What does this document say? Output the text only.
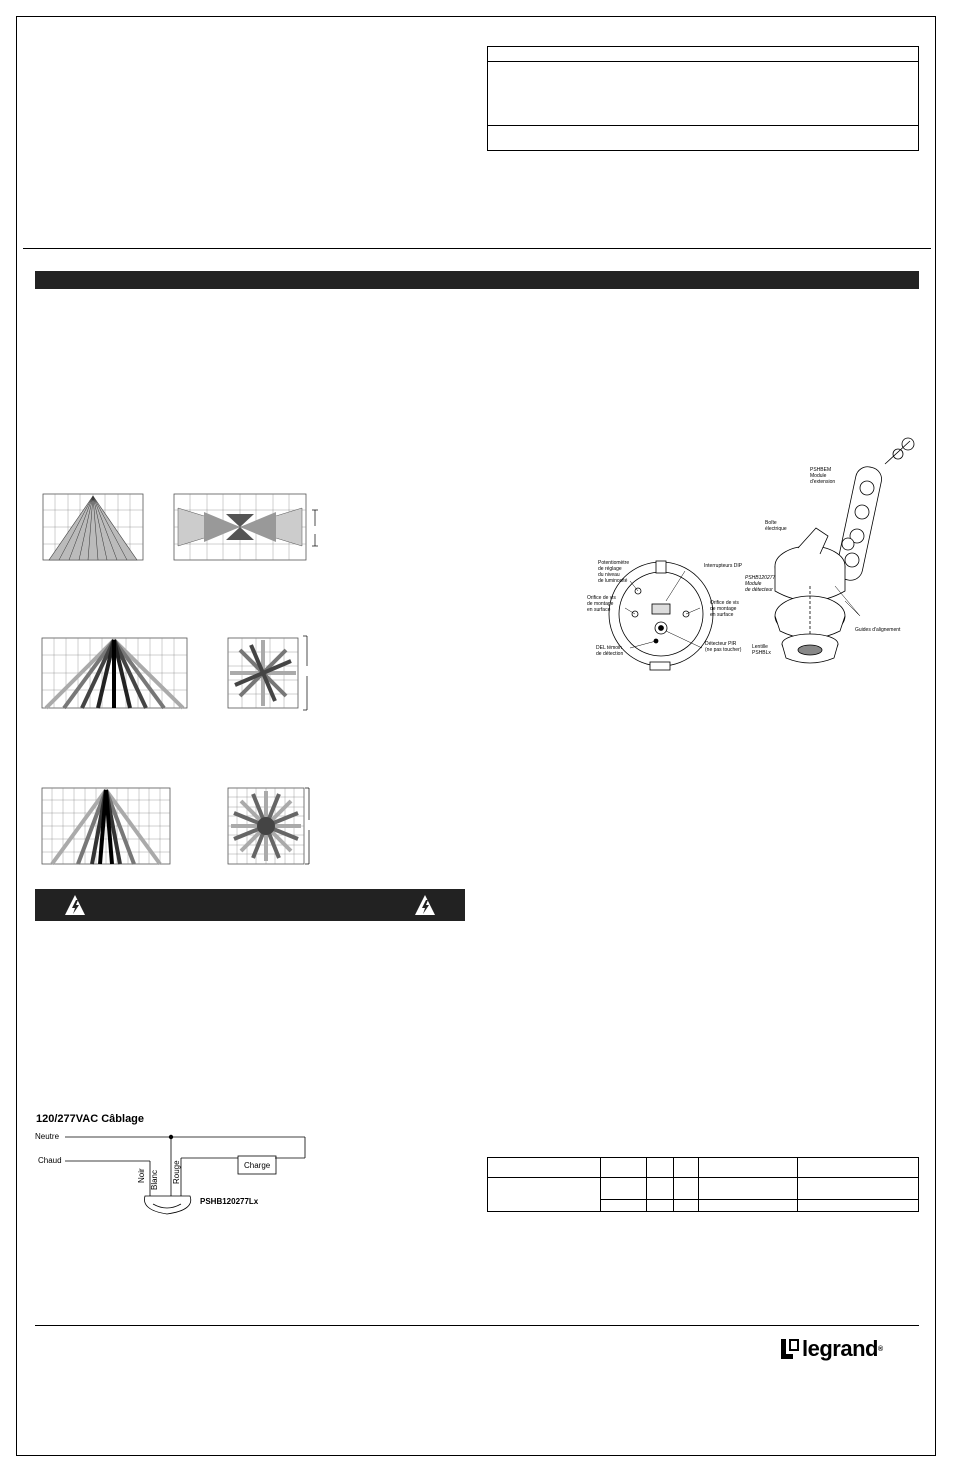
120/277VAC Câblage
Neutre
Chaud
Charge
Noir Blanc Rouge
PSHB120277Lx
PSHBEM
Module
d'extension
Boîte
électrique
PSHB120277
Module
de détecteur
Guides d'alignement
Lentille
PSHBLx
Potentiomètre
de réglage
du niveau
de luminosité
Interrupteurs DIP
Orifice de vis
de montage
en surface
Orifice de vis
de montage
en surface
DEL témoin
de détection
Détecteur PIR
(ne pas toucher)

legrand ®
